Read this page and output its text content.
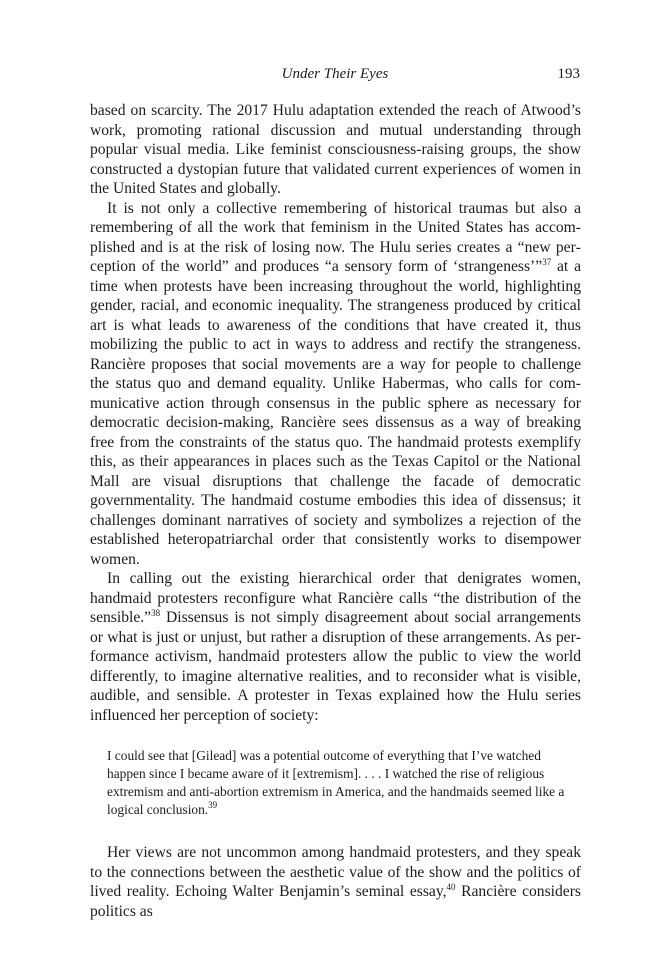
Under Their Eyes	193

based on scarcity. The 2017 Hulu adaptation extended the reach of Atwood’s work, promoting rational discussion and mutual understanding through popular visual media. Like feminist consciousness-raising groups, the show constructed a dystopian future that validated current experiences of women in the United States and globally.

It is not only a collective remembering of historical traumas but also a remembering of all the work that feminism in the United States has accomplished and is at the risk of losing now. The Hulu series creates a “new perception of the world” and produces “a sensory form of ‘strangeness’”$^{37}$ at a time when protests have been increasing throughout the world, highlighting gender, racial, and economic inequality. The strangeness produced by critical art is what leads to awareness of the conditions that have created it, thus mobilizing the public to act in ways to address and rectify the strangeness. Rancière proposes that social movements are a way for people to challenge the status quo and demand equality. Unlike Habermas, who calls for communicative action through consensus in the public sphere as necessary for democratic decision-making, Rancière sees dissensus as a way of breaking free from the constraints of the status quo. The handmaid protests exemplify this, as their appearances in places such as the Texas Capitol or the National Mall are visual disruptions that challenge the facade of democratic governmentality. The handmaid costume embodies this idea of dissensus; it challenges dominant narratives of society and symbolizes a rejection of the established heteropatriarchal order that consistently works to disempower women.

In calling out the existing hierarchical order that denigrates women, handmaid protesters reconfigure what Rancière calls “the distribution of the sensible.”$^{38}$ Dissensus is not simply disagreement about social arrangements or what is just or unjust, but rather a disruption of these arrangements. As performance activism, handmaid protesters allow the public to view the world differently, to imagine alternative realities, and to reconsider what is visible, audible, and sensible. A protester in Texas explained how the Hulu series influenced her perception of society:

I could see that [Gilead] was a potential outcome of everything that I’ve watched happen since I became aware of it [extremism]. . . . I watched the rise of religious extremism and anti-abortion extremism in America, and the handmaids seemed like a logical conclusion.$^{39}$

Her views are not uncommon among handmaid protesters, and they speak to the connections between the aesthetic value of the show and the politics of lived reality. Echoing Walter Benjamin’s seminal essay,$^{40}$ Rancière considers politics as
